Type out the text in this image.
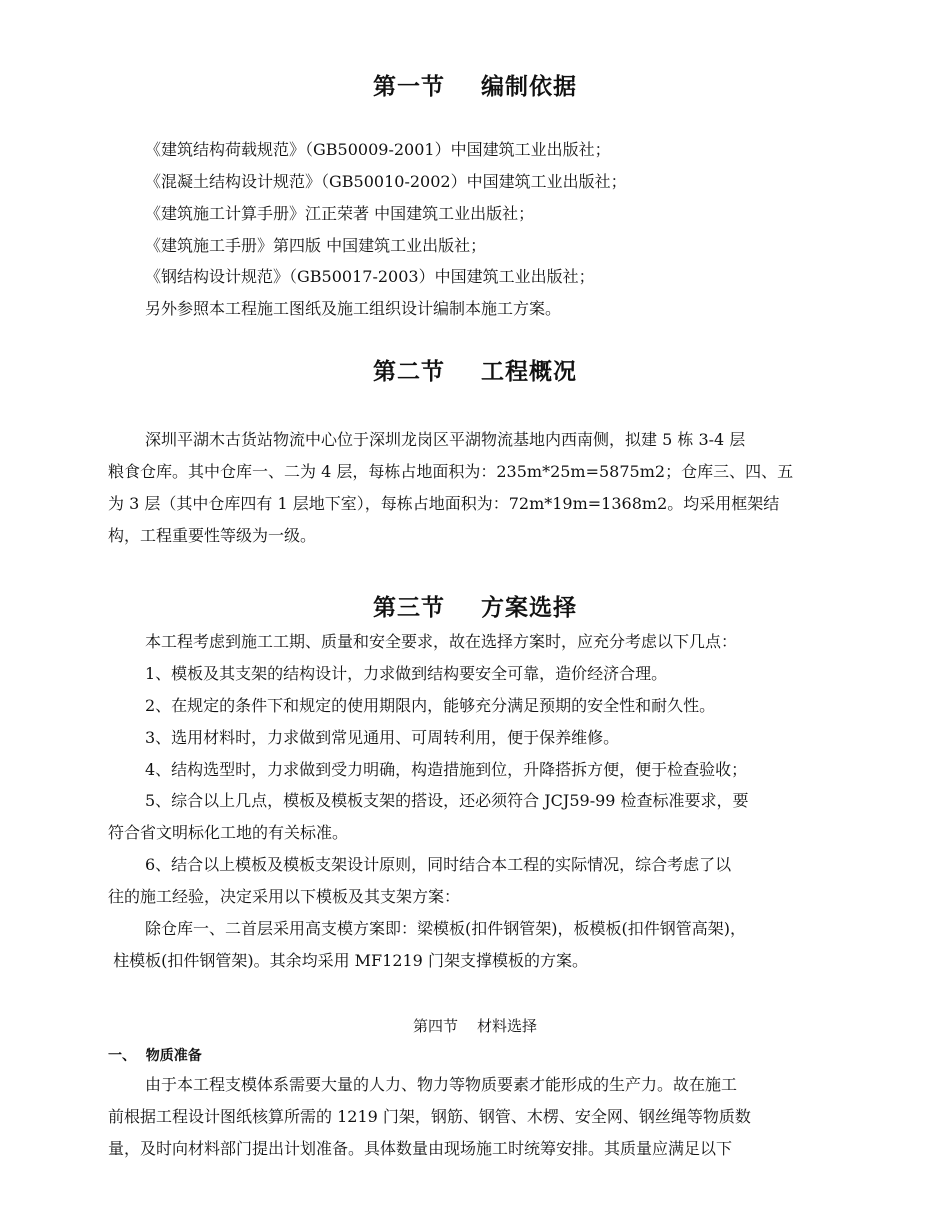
第一节    编制依据
《建筑结构荷载规范》（GB50009-2001）中国建筑工业出版社；
《混凝土结构设计规范》（GB50010-2002）中国建筑工业出版社；
《建筑施工计算手册》江正荣著 中国建筑工业出版社；
《建筑施工手册》第四版 中国建筑工业出版社；
《钢结构设计规范》（GB50017-2003）中国建筑工业出版社；
另外参照本工程施工图纸及施工组织设计编制本施工方案。
第二节    工程概况
深圳平湖木古货站物流中心位于深圳龙岗区平湖物流基地内西南侧，拟建 5 栋 3-4 层
粮食仓库。其中仓库一、二为 4 层，每栋占地面积为：235m*25m=5875m2；仓库三、四、五
为 3 层（其中仓库四有 1 层地下室），每栋占地面积为：72m*19m=1368m2。均采用框架结
构，工程重要性等级为一级。
第三节    方案选择
本工程考虑到施工工期、质量和安全要求，故在选择方案时，应充分考虑以下几点：
1、模板及其支架的结构设计，力求做到结构要安全可靠，造价经济合理。
2、在规定的条件下和规定的使用期限内，能够充分满足预期的安全性和耐久性。
3、选用材料时，力求做到常见通用、可周转利用，便于保养维修。
4、结构选型时，力求做到受力明确，构造措施到位，升降搭拆方便，便于检查验收；
5、综合以上几点，模板及模板支架的搭设，还必须符合 JCJ59-99 检查标准要求，要
符合省文明标化工地的有关标准。
6、结合以上模板及模板支架设计原则，同时结合本工程的实际情况，综合考虑了以
往的施工经验，决定采用以下模板及其支架方案：
除仓库一、二首层采用高支模方案即：梁模板(扣件钢管架)，板模板(扣件钢管高架)，
柱模板(扣件钢管架)。其余均采用 MF1219 门架支撑模板的方案。
第四节    材料选择
一、  物质准备
由于本工程支模体系需要大量的人力、物力等物质要素才能形成的生产力。故在施工
前根据工程设计图纸核算所需的 1219 门架，钢筋、钢管、木楞、安全网、钢丝绳等物质数
量，及时向材料部门提出计划准备。具体数量由现场施工时统筹安排。其质量应满足以下
